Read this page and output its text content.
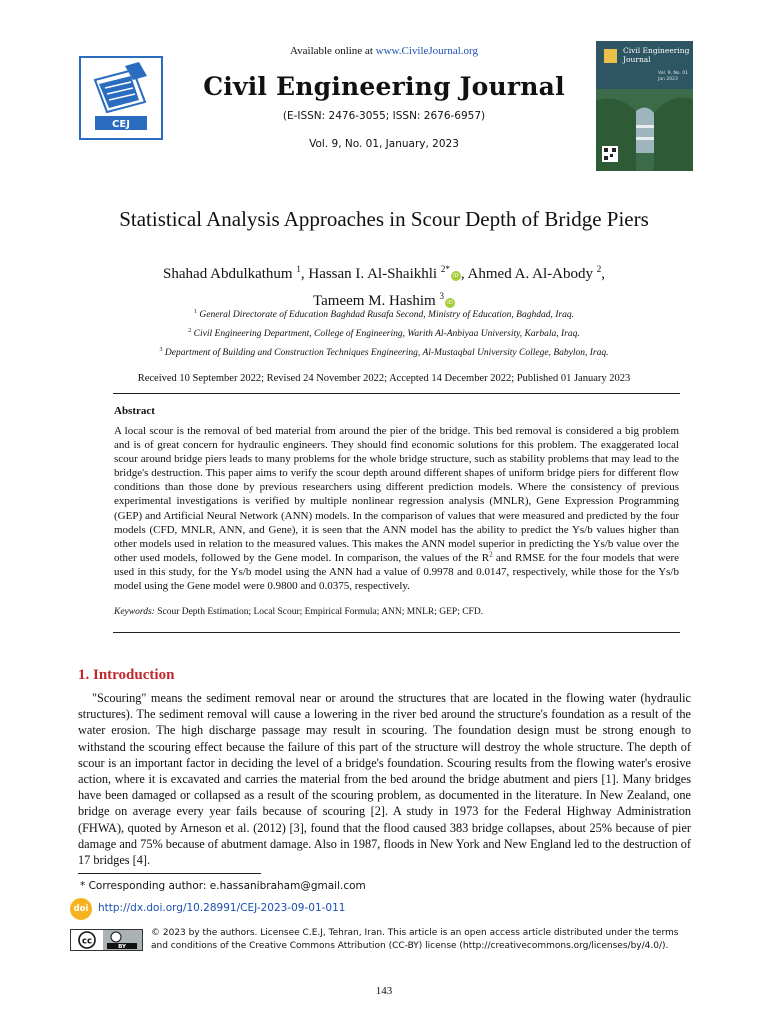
Available online at www.CivileJournal.org
CEJ
Civil Engineering Journal
(E-ISSN: 2476-3055; ISSN: 2676-6957)
Vol. 9, No. 01, January, 2023
Civil Engineering
Journal
Vol. 9, No. 01
Jan 2023
Statistical Analysis Approaches in Scour Depth of Bridge Piers
Shahad Abdulkathum $^1$, Hassan I. Al-Shaikhli $^{2*}$iD , Ahmed A. Al-Abody $^2$,
Tameem M. Hashim $^3$iD
$^1$ General Directorate of Education Baghdad Rusafa Second, Ministry of Education, Baghdad, Iraq.
$^2$ Civil Engineering Department, College of Engineering, Warith Al-Anbiyaa University, Karbala, Iraq.
$^3$ Department of Building and Construction Techniques Engineering, Al-Mustaqbal University College, Babylon, Iraq.
Received 10 September 2022; Revised 24 November 2022; Accepted 14 December 2022; Published 01 January 2023
Abstract
A local scour is the removal of bed material from around the pier of the bridge. This bed removal is considered a big problem and is of great concern for hydraulic engineers. They should find economic solutions for this problem. The exaggerated local scour around bridge piers leads to many problems for the whole bridge structure, such as stability problems that may lead to the bridge's destruction. This paper aims to verify the scour depth around different shapes of uniform bridge piers for different flow conditions than those done by previous researchers using different prediction models. Where the consistency of previous experimental investigations is verified by multiple nonlinear regression analysis (MNLR), Gene Expression Programming (GEP) and Artificial Neural Network (ANN) models. In the comparison of values that were measured and predicted by the four models (CFD, MNLR, ANN, and Gene), it is seen that the ANN model has the ability to predict the Ys/b values higher than other models used in relation to the measured values. This makes the ANN model superior in predicting the Ys/b value over the other used models, followed by the Gene model. In comparison, the values of the $R^2$ and RMSE for the four models that were used in this study, for the Ys/b model using the ANN had a value of 0.9978 and 0.0147, respectively, while those for the Ys/b model using the Gene model were 0.9800 and 0.0375, respectively.
Keywords: Scour Depth Estimation; Local Scour; Empirical Formula; ANN; MNLR; GEP; CFD.
1. Introduction
"Scouring" means the sediment removal near or around the structures that are located in the flowing water (hydraulic structures). The sediment removal will cause a lowering in the river bed around the structure's foundation as a result of the water erosion. The high discharge passage may result in scouring. The foundation design must be strong enough to withstand the scouring effect because the failure of this part of the structure will destroy the whole structure. The depth of scour is an important factor in deciding the level of a bridge's foundation. Scouring results from the flowing water's erosive action, where it is excavated and carries the material from the bed around the bridge abutment and piers [1]. Many bridges have been damaged or collapsed as a result of the scouring problem, as documented in the literature. In New Zealand, one bridge on average every year fails because of scouring [2]. A study in 1973 for the Federal Highway Administration (FHWA), quoted by Arneson et al. (2012) [3], found that the flood caused 383 bridge collapses, about 25% because of pier damage and 75% because of abutment damage. Also in 1987, floods in New York and New England led to the destruction of 17 bridges [4].
* Corresponding author: e.hassanibraham@gmail.com
doi http://dx.doi.org/10.28991/CEJ-2023-09-01-011
cc
BY
© 2023 by the authors. Licensee C.E.J, Tehran, Iran. This article is an open access article distributed under the terms and conditions of the Creative Commons Attribution (CC-BY) license (http://creativecommons.org/licenses/by/4.0/).
143
